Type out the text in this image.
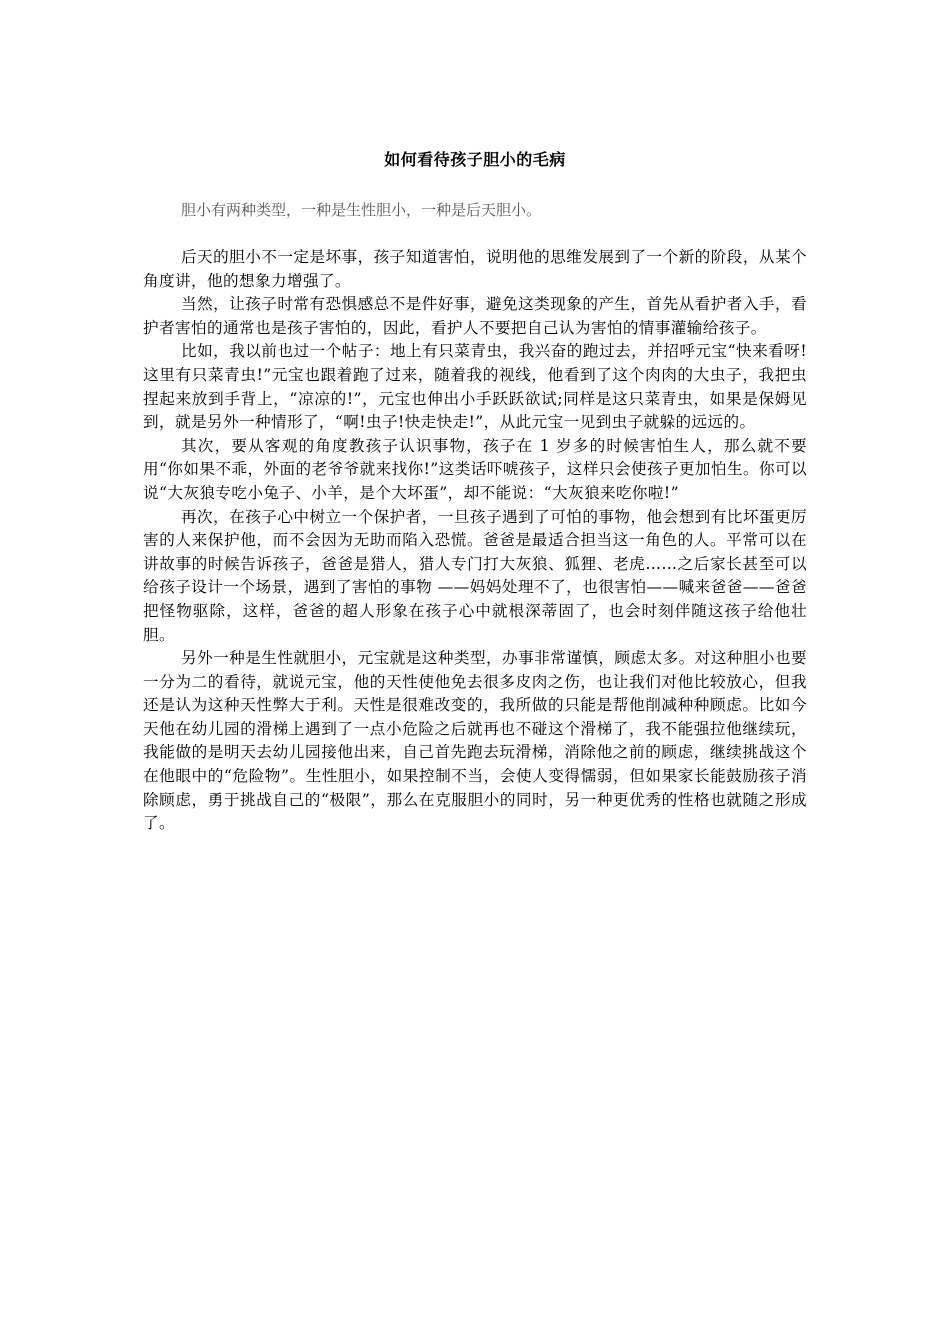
如何看待孩子胆小的毛病
胆小有两种类型，一种是生性胆小，一种是后天胆小。

后天的胆小不一定是坏事，孩子知道害怕，说明他的思维发展到了一个新的阶段，从某个角度讲，他的想象力增强了。

当然，让孩子时常有恐惧感总不是件好事，避免这类现象的产生，首先从看护者入手，看护者害怕的通常也是孩子害怕的，因此，看护人不要把自己认为害怕的情事灌输给孩子。

比如，我以前也过一个帖子：地上有只菜青虫，我兴奋的跑过去，并招呼元宝“快来看呀!这里有只菜青虫!”元宝也跟着跑了过来，随着我的视线，他看到了这个肉肉的大虫子，我把虫捏起来放到手背上，“凉凉的!”，元宝也伸出小手跃跃欲试;同样是这只菜青虫，如果是保姆见到，就是另外一种情形了，“啊!虫子!快走快走!”，从此元宝一见到虫子就躲的远远的。

其次，要从客观的角度教孩子认识事物，孩子在 1 岁多的时候害怕生人，那么就不要用“你如果不乖，外面的老爷爷就来找你!”这类话吓唬孩子，这样只会使孩子更加怕生。你可以说“大灰狼专吃小兔子、小羊，是个大坏蛋”，却不能说：“大灰狼来吃你啦!”

再次，在孩子心中树立一个保护者，一旦孩子遇到了可怕的事物，他会想到有比坏蛋更厉害的人来保护他，而不会因为无助而陷入恐慌。爸爸是最适合担当这一角色的人。平常可以在讲故事的时候告诉孩子，爸爸是猎人，猎人专门打大灰狼、狐狸、老虎……之后家长甚至可以给孩子设计一个场景，遇到了害怕的事物 ——妈妈处理不了，也很害怕——喊来爸爸——爸爸把怪物驱除，这样，爸爸的超人形象在孩子心中就根深蒂固了，也会时刻伴随这孩子给他壮胆。

另外一种是生性就胆小，元宝就是这种类型，办事非常谨慎，顾虑太多。对这种胆小也要一分为二的看待，就说元宝，他的天性使他免去很多皮肉之伤，也让我们对他比较放心，但我还是认为这种天性弊大于利。天性是很难改变的，我所做的只能是帮他削减种种顾虑。比如今天他在幼儿园的滑梯上遇到了一点小危险之后就再也不碰这个滑梯了，我不能强拉他继续玩，我能做的是明天去幼儿园接他出来，自己首先跑去玩滑梯，消除他之前的顾虑，继续挑战这个在他眼中的“危险物”。生性胆小，如果控制不当，会使人变得懦弱，但如果家长能鼓励孩子消除顾虑，勇于挑战自己的“极限”，那么在克服胆小的同时，另一种更优秀的性格也就随之形成了。
